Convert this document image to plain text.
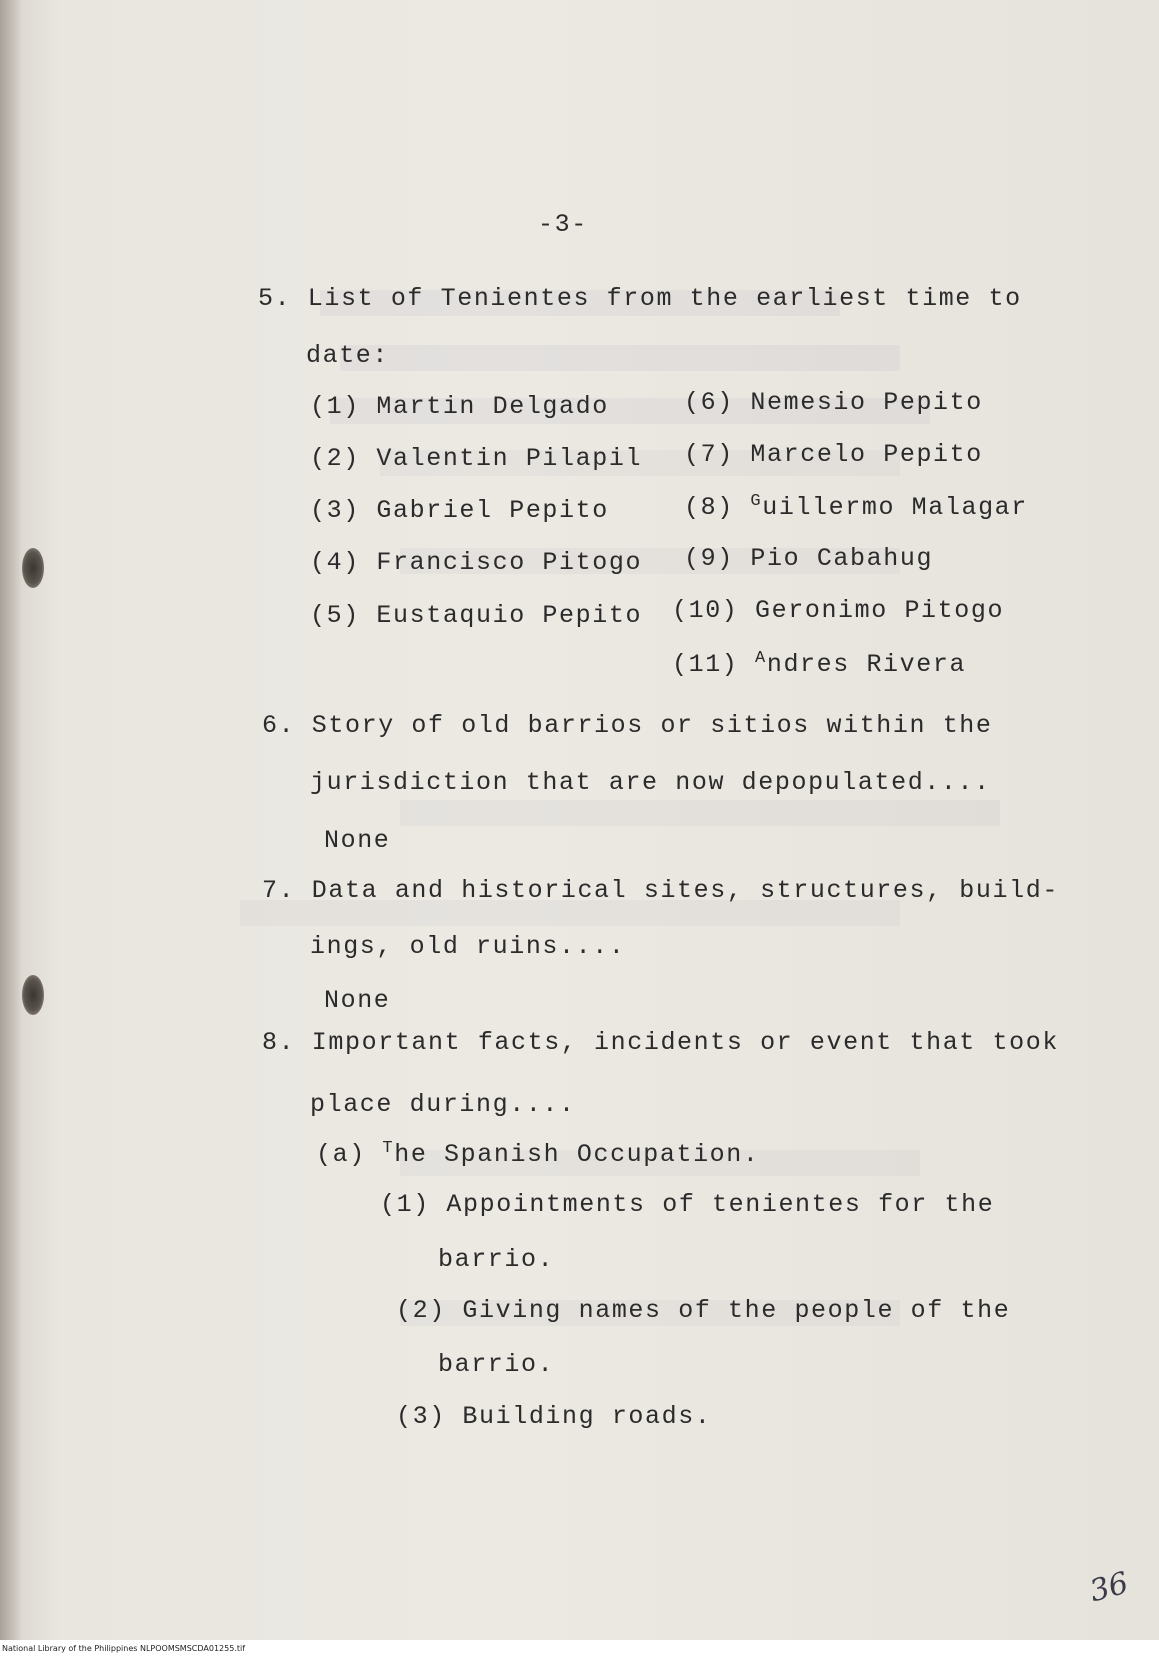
-3-
5. List of Tenientes from the earliest time to
date:
(1) Martin Delgado
(2) Valentin Pilapil
(3) Gabriel Pepito
(4) Francisco Pitogo
(5) Eustaquio Pepito
(6) Nemesio Pepito
(7) Marcelo Pepito
(8) $^G$uillermo Malagar
(9) Pio Cabahug
(10) Geronimo Pitogo
(11) $^A$ndres Rivera
6. Story of old barrios or sitios within the
jurisdiction that are now depopulated....
None
7. Data and historical sites, structures, build-
ings, old ruins....
None
8. Important facts, incidents or event that took
place during....
(a) $^T$he Spanish Occupation.
(1) Appointments of tenientes for the
barrio.
(2) Giving names of the people of the
barrio.
(3) Building roads.
36
National Library of the Philippines NLPOOMSMSCDA01255.tif
